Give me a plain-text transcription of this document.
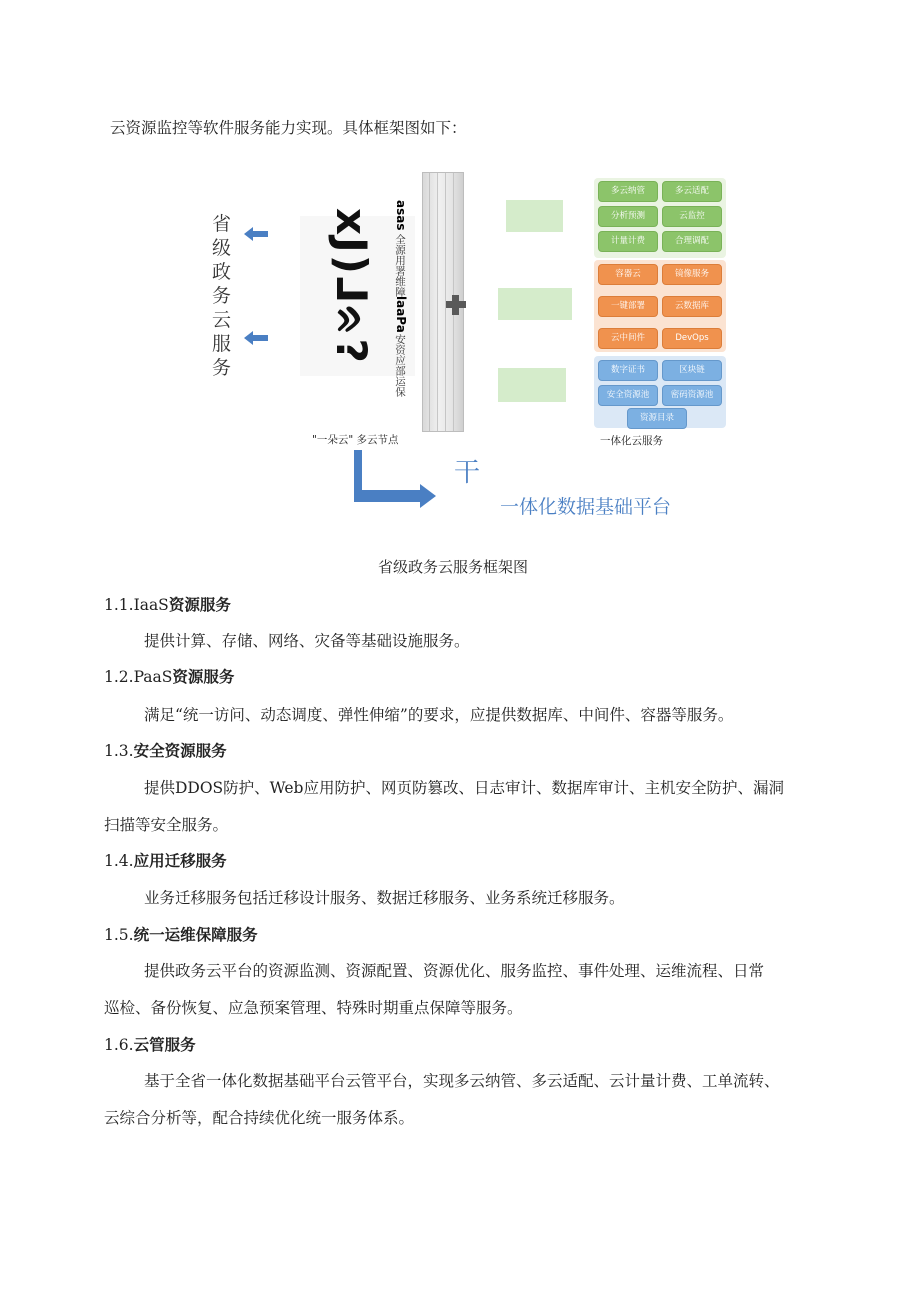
云资源监控等软件服务能力实现。具体框架图如下：
省级政务云服务
xJ)⅃ᨑ? asas
全源用署维障
laaPa
安资应部运保
多云纳管	多云适配
分析预测	云监控
计量计费	合理调配
容器云	镜像服务
一键部署	云数据库
云中间件	DevOps
数字证书	区块链
安全资源池	密码资源池
资源目录
"一朵云" 多云节点	一体化云服务
干
一体化数据基础平台
省级政务云服务框架图
1.1.IaaS资源服务
提供计算、存储、网络、灾备等基础设施服务。
1.2.PaaS资源服务
满足“统一访问、动态调度、弹性伸缩”的要求，应提供数据库、中间件、容器等服务。
1.3.安全资源服务
提供DDOS防护、Web应用防护、网页防篡改、日志审计、数据库审计、主机安全防护、漏洞
扫描等安全服务。
1.4.应用迁移服务
业务迁移服务包括迁移设计服务、数据迁移服务、业务系统迁移服务。
1.5.统一运维保障服务
提供政务云平台的资源监测、资源配置、资源优化、服务监控、事件处理、运维流程、日常
巡检、备份恢复、应急预案管理、特殊时期重点保障等服务。
1.6.云管服务
基于全省一体化数据基础平台云管平台，实现多云纳管、多云适配、云计量计费、工单流转、
云综合分析等，配合持续优化统一服务体系。
